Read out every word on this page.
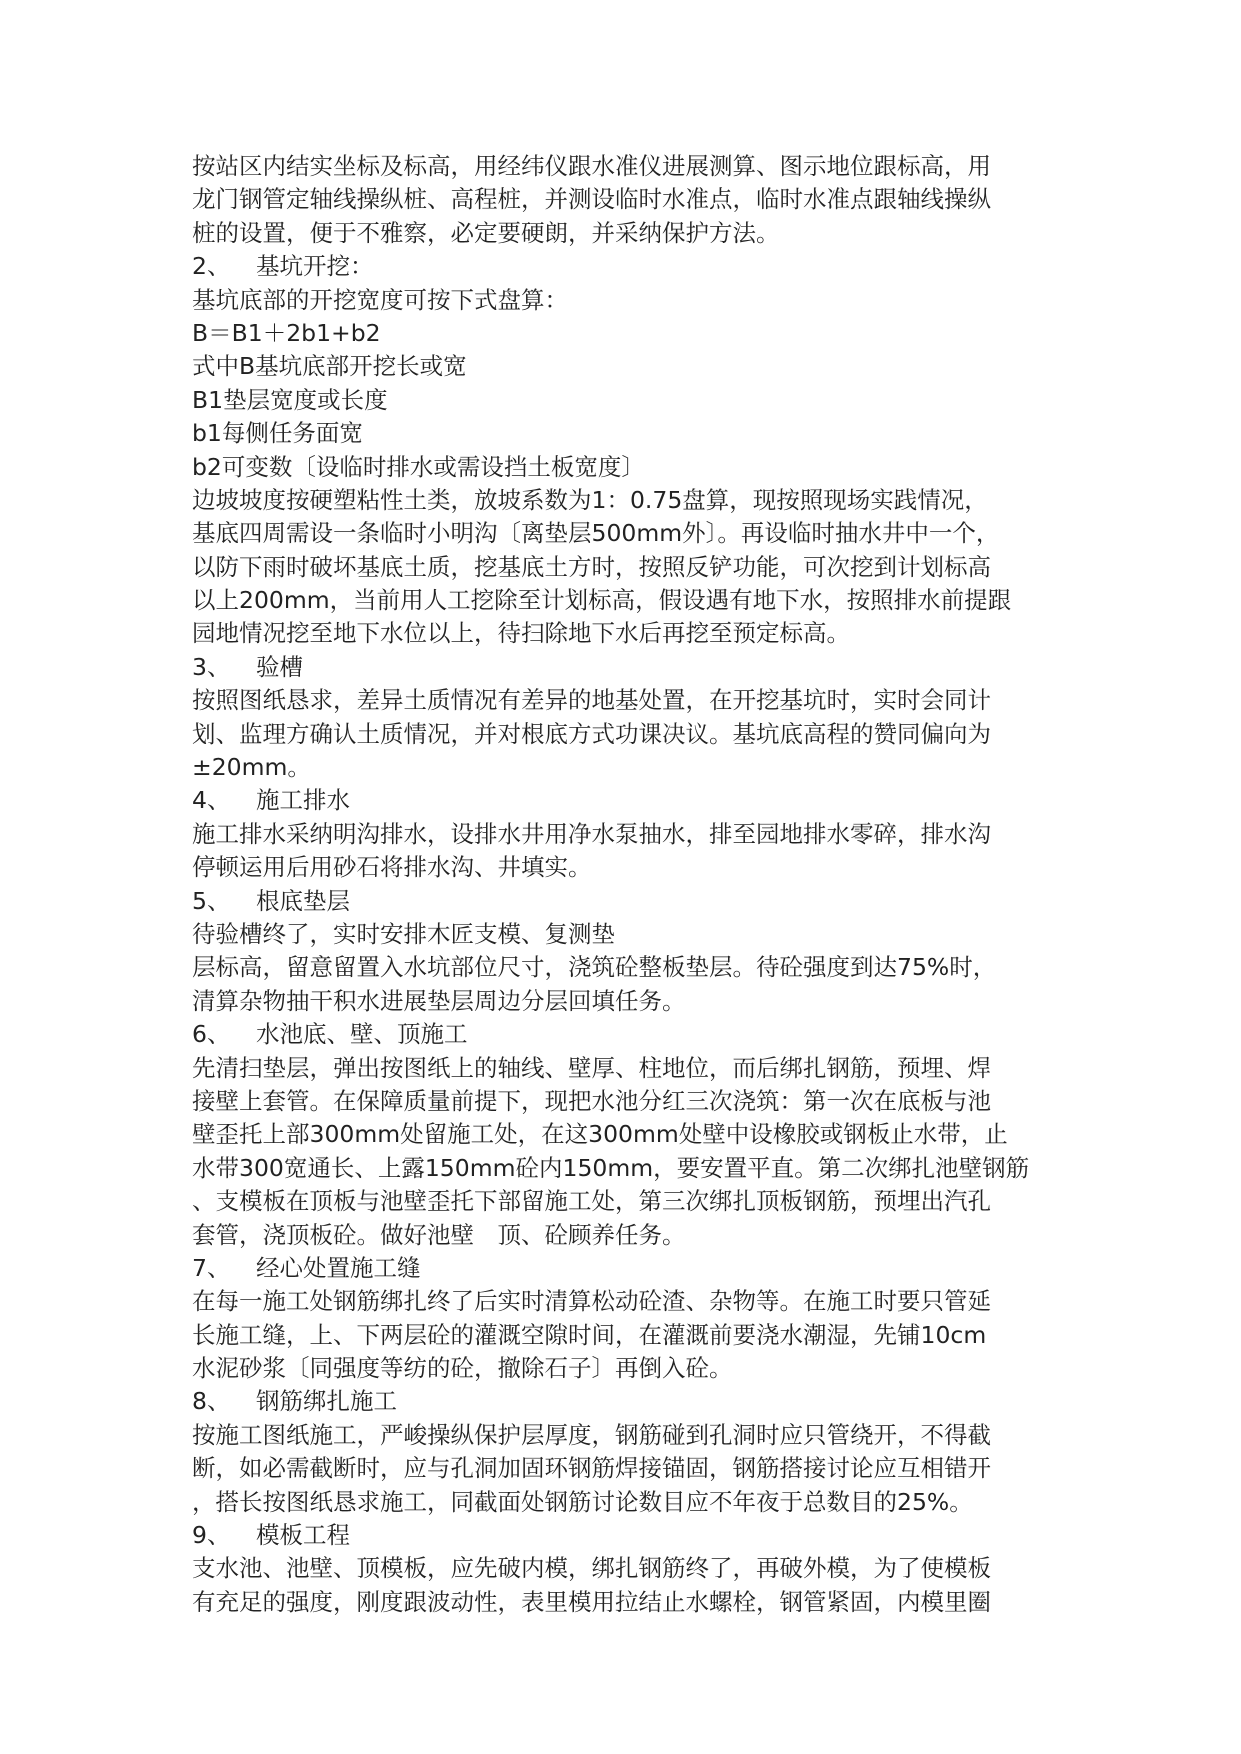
按站区内结实坐标及标高，用经纬仪跟水准仪进展测算、图示地位跟标高，用
龙门钢管定轴线操纵桩、高程桩，并测设临时水准点，临时水准点跟轴线操纵
桩的设置，便于不雅察，必定要硬朗，并采纳保护方法。
2、 基坑开挖：
基坑底部的开挖宽度可按下式盘算：
B＝B1＋2b1+b2
式中B基坑底部开挖长或宽
B1垫层宽度或长度
b1每侧任务面宽
b2可变数〔设临时排水或需设挡土板宽度〕
边坡坡度按硬塑粘性土类，放坡系数为1：0.75盘算，现按照现场实践情况，
基底四周需设一条临时小明沟〔离垫层500mm外〕。再设临时抽水井中一个，
以防下雨时破坏基底土质，挖基底土方时，按照反铲功能，可次挖到计划标高
以上200mm，当前用人工挖除至计划标高，假设遇有地下水，按照排水前提跟
园地情况挖至地下水位以上，待扫除地下水后再挖至预定标高。
3、 验槽
按照图纸恳求，差异土质情况有差异的地基处置，在开挖基坑时，实时会同计
划、监理方确认土质情况，并对根底方式功课决议。基坑底高程的赞同偏向为
±20mm。
4、 施工排水
施工排水采纳明沟排水，设排水井用净水泵抽水，排至园地排水零碎，排水沟
停顿运用后用砂石将排水沟、井填实。
5、 根底垫层
待验槽终了，实时安排木匠支模、复测垫
层标高，留意留置入水坑部位尺寸，浇筑砼整板垫层。待砼强度到达75%时，
清算杂物抽干积水进展垫层周边分层回填任务。
6、 水池底、壁、顶施工
先清扫垫层，弹出按图纸上的轴线、壁厚、柱地位，而后绑扎钢筋，预埋、焊
接壁上套管。在保障质量前提下，现把水池分红三次浇筑：第一次在底板与池
壁歪托上部300mm处留施工处，在这300mm处壁中设橡胶或钢板止水带，止
水带300宽通长、上露150mm砼内150mm，要安置平直。第二次绑扎池壁钢筋
、支模板在顶板与池壁歪托下部留施工处，第三次绑扎顶板钢筋，预埋出汽孔
套管，浇顶板砼。做好池壁　顶、砼顾养任务。
7、 经心处置施工缝
在每一施工处钢筋绑扎终了后实时清算松动砼渣、杂物等。在施工时要只管延
长施工缝，上、下两层砼的灌溉空隙时间，在灌溉前要浇水潮湿，先铺10cm
水泥砂浆〔同强度等纺的砼，撤除石子〕再倒入砼。
8、 钢筋绑扎施工
按施工图纸施工，严峻操纵保护层厚度，钢筋碰到孔洞时应只管绕开，不得截
断，如必需截断时，应与孔洞加固环钢筋焊接锚固，钢筋搭接讨论应互相错开
，搭长按图纸恳求施工，同截面处钢筋讨论数目应不年夜于总数目的25%。
9、 模板工程
支水池、池壁、顶模板，应先破内模，绑扎钢筋终了，再破外模，为了使模板
有充足的强度，刚度跟波动性，表里模用拉结止水螺栓，钢管紧固，内模里圈
